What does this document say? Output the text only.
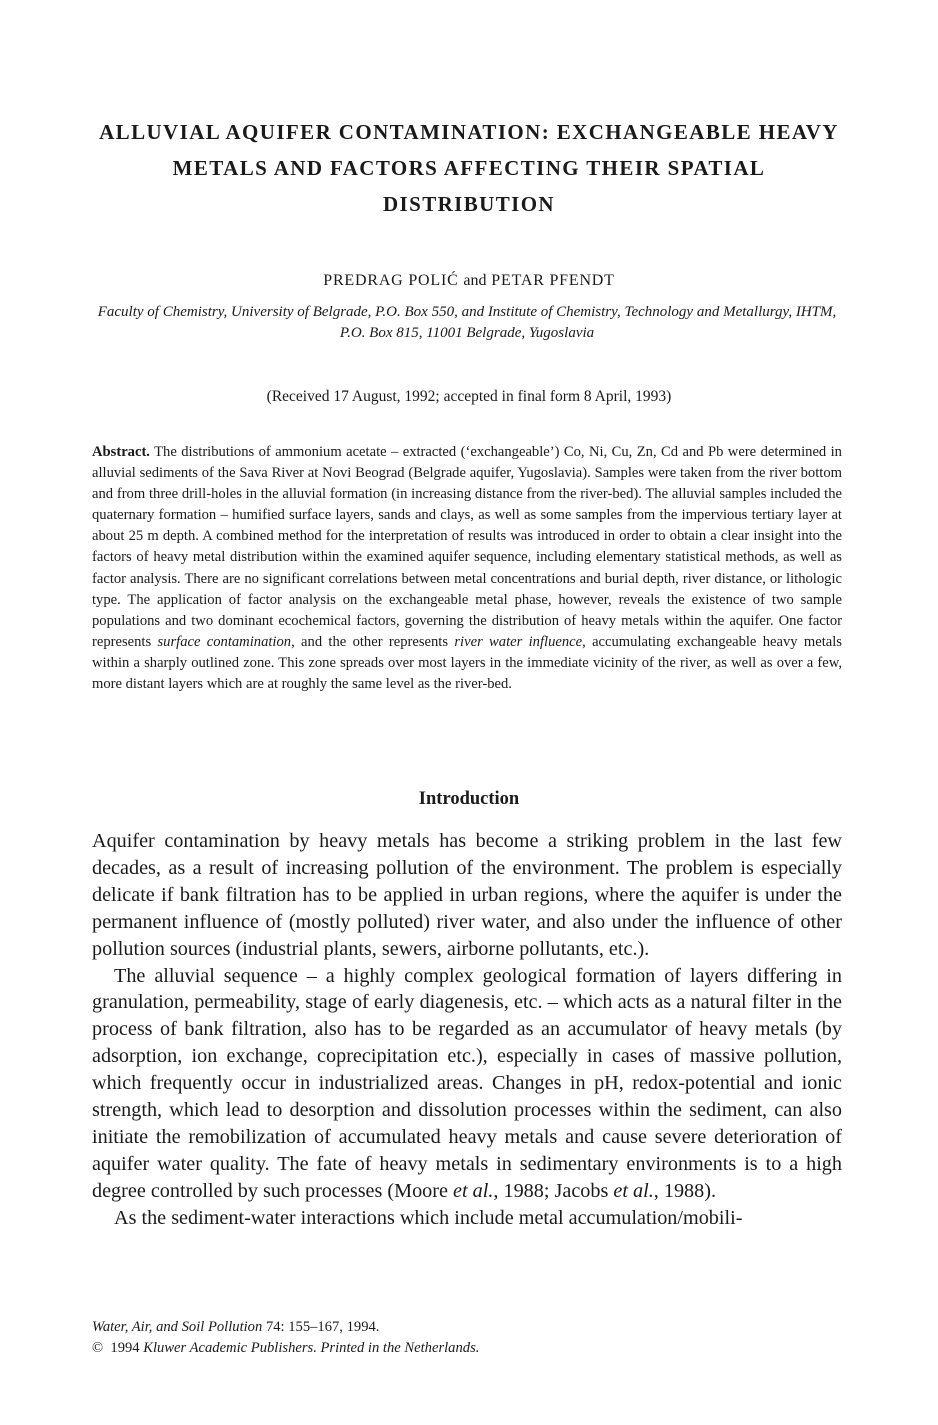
ALLUVIAL AQUIFER CONTAMINATION: EXCHANGEABLE HEAVY
METALS AND FACTORS AFFECTING THEIR SPATIAL
DISTRIBUTION
PREDRAG POLIĆ and PETAR PFENDT
Faculty of Chemistry, University of Belgrade, P.O. Box 550, and Institute of Chemistry, Technology and Metallurgy, IHTM, P.O. Box 815, 11001 Belgrade, Yugoslavia
(Received 17 August, 1992; accepted in final form 8 April, 1993)
Abstract. The distributions of ammonium acetate – extracted (‘exchangeable’) Co, Ni, Cu, Zn, Cd and Pb were determined in alluvial sediments of the Sava River at Novi Beograd (Belgrade aquifer, Yugoslavia). Samples were taken from the river bottom and from three drill-holes in the alluvial formation (in increasing distance from the river-bed). The alluvial samples included the quaternary formation – humified surface layers, sands and clays, as well as some samples from the impervious tertiary layer at about 25 m depth. A combined method for the interpretation of results was introduced in order to obtain a clear insight into the factors of heavy metal distribution within the examined aquifer sequence, including elementary statistical methods, as well as factor analysis. There are no significant correlations between metal concentrations and burial depth, river distance, or lithologic type. The application of factor analysis on the exchangeable metal phase, however, reveals the existence of two sample populations and two dominant ecochemical factors, governing the distribution of heavy metals within the aquifer. One factor represents surface contamination, and the other represents river water influence, accumulating exchangeable heavy metals within a sharply outlined zone. This zone spreads over most layers in the immediate vicinity of the river, as well as over a few, more distant layers which are at roughly the same level as the river-bed.
Introduction

Aquifer contamination by heavy metals has become a striking problem in the last few decades, as a result of increasing pollution of the environment. The problem is especially delicate if bank filtration has to be applied in urban regions, where the aquifer is under the permanent influence of (mostly polluted) river water, and also under the influence of other pollution sources (industrial plants, sewers, airborne pollutants, etc.).

The alluvial sequence – a highly complex geological formation of layers differing in granulation, permeability, stage of early diagenesis, etc. – which acts as a natural filter in the process of bank filtration, also has to be regarded as an accumulator of heavy metals (by adsorption, ion exchange, coprecipitation etc.), especially in cases of massive pollution, which frequently occur in industrialized areas. Changes in pH, redox-potential and ionic strength, which lead to desorption and dissolution processes within the sediment, can also initiate the remobilization of accumulated heavy metals and cause severe deterioration of aquifer water quality. The fate of heavy metals in sedimentary environments is to a high degree controlled by such processes (Moore et al., 1988; Jacobs et al., 1988).

As the sediment-water interactions which include metal accumulation/mobili-

Water, Air, and Soil Pollution 74: 155–167, 1994.
© 1994 Kluwer Academic Publishers. Printed in the Netherlands.
